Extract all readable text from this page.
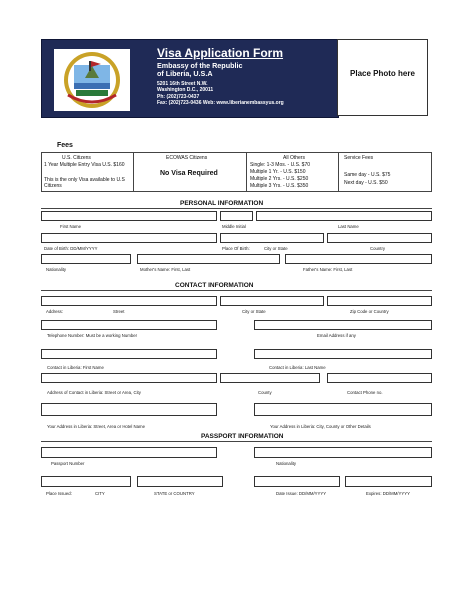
Visa Application Form
Embassy of the Republic
of Liberia, U.S.A
5201 16th Street N.W.
Washington D.C., 20011
Ph: (202)723-0437
Fax: (202)723-0436 Web: www.liberianembassyus.org
Place Photo here
Fees
U.S. Citizens
1 Year Multiple Entry Visa U.S. $160
This is the only Visa available to U.S
Citizens
ECOWAS Citizens
No Visa Required
All Others
Single: 1-3 Mos. - U.S. $70
Multiple 1 Yr. - U.S. $150
Multiple 2 Yrs. - U.S. $250
Multiple 3 Yrs. - U.S. $350
Service Fees
Same day - U.S. $75
Next day - U.S. $50
PERSONAL INFORMATION
First Name	Middle Initial	Last Name
Date of Birth: DD/MM/YYYY	Place Of Birth:	City or State	Country
Nationality	Mother's Name: First, Last	Father's Name: First, Last
CONTACT INFORMATION
Address:	Street	City or State	Zip Code or Country
Telephone Number: Must be a working Number	Email Address if any
Contact in Liberia: First Name	Contact in Liberia: Last Name
Address of Contact in Liberia: Street or Area, City	County	Contact Phone no.
Your Address in Liberia: Street, Area or Hotel Name	Your Address in Liberia: City, County or Other Details
PASSPORT INFORMATION
Passport Number	Nationality
Place Issued:	CITY	STATE or COUNTRY	Date Issue: DD/MM/YYYY	Expires: DD/MM/YYYY
